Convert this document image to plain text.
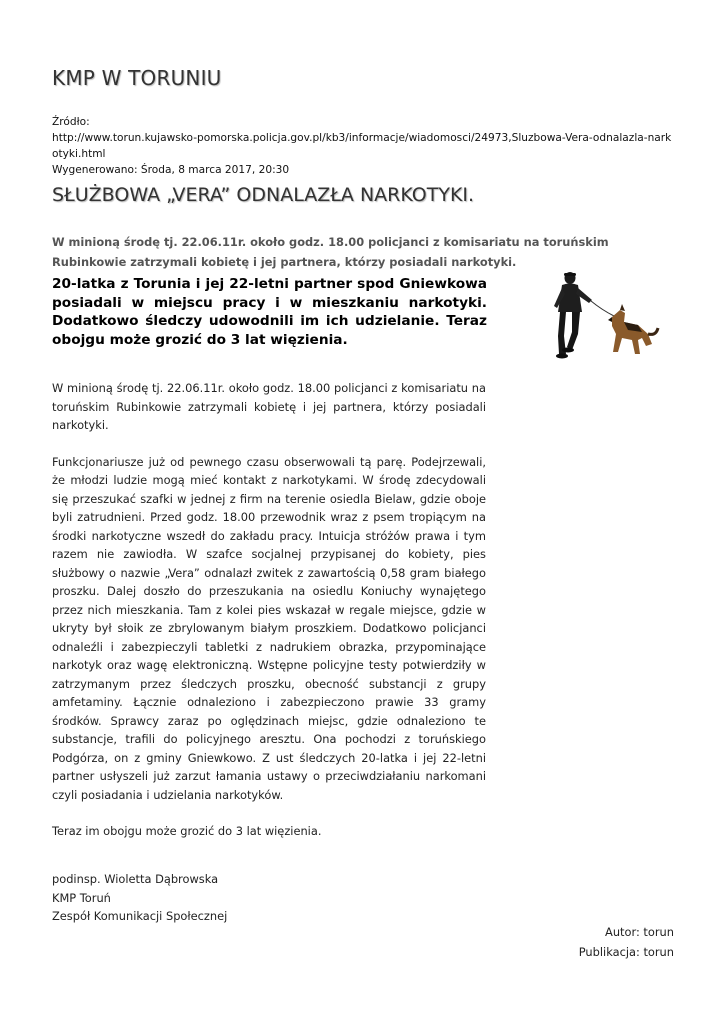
KMP W TORUNIU
Źródło:
http://www.torun.kujawsko-pomorska.policja.gov.pl/kb3/informacje/wiadomosci/24973,Sluzbowa-Vera-odnalazla-narkotyki.html
Wygenerowano: Środa, 8 marca 2017, 20:30
SŁUŻBOWA „VERA” ODNALAZŁA NARKOTYKI.
W minioną środę tj. 22.06.11r. około godz. 18.00 policjanci z komisariatu na toruńskim Rubinkowie zatrzymali kobietę i jej partnera, którzy posiadali narkotyki.
20-latka z Torunia i jej 22-letni partner spod Gniewkowa posiadali w miejscu pracy i w mieszkaniu narkotyki. Dodatkowo śledczy udowodnili im ich udzielanie. Teraz obojgu może grozić do 3 lat więzienia.

W minioną środę tj. 22.06.11r. około godz. 18.00 policjanci z komisariatu na toruńskim Rubinkowie zatrzymali kobietę i jej partnera, którzy posiadali narkotyki.

Funkcjonariusze już od pewnego czasu obserwowali tą parę. Podejrzewali, że młodzi ludzie mogą mieć kontakt z narkotykami. W środę zdecydowali się przeszukać szafki w jednej z firm na terenie osiedla Bielaw, gdzie oboje byli zatrudnieni. Przed godz. 18.00 przewodnik wraz z psem tropiącym na środki narkotyczne wszedł do zakładu pracy. Intuicja stróżów prawa i tym razem nie zawiodła. W szafce socjalnej przypisanej do kobiety, pies służbowy o nazwie „Vera” odnalazł zwitek z zawartością 0,58 gram białego proszku. Dalej doszło do przeszukania na osiedlu Koniuchy wynajętego przez nich mieszkania. Tam z kolei pies wskazał w regale miejsce, gdzie w ukryty był słoik ze zbrylowanym białym proszkiem. Dodatkowo policjanci odnaleźli i zabezpieczyli tabletki z nadrukiem obrazka, przypominające narkotyk oraz wagę elektroniczną. Wstępne policyjne testy potwierdziły w zatrzymanym przez śledczych proszku, obecność substancji z grupy amfetaminy. Łącznie odnaleziono i zabezpieczono prawie 33 gramy środków. Sprawcy zaraz po oględzinach miejsc, gdzie odnaleziono te substancje, trafili do policyjnego aresztu. Ona pochodzi z toruńskiego Podgórza, on z gminy Gniewkowo. Z ust śledczych 20-latka i jej 22-letni partner usłyszeli już zarzut łamania ustawy o przeciwdziałaniu narkomani czyli posiadania i udzielania narkotyków.

Teraz im obojgu może grozić do 3 lat więzienia.

podinsp. Wioletta Dąbrowska
KMP Toruń
Zespół Komunikacji Społecznej
Autor: torun
Publikacja: torun
